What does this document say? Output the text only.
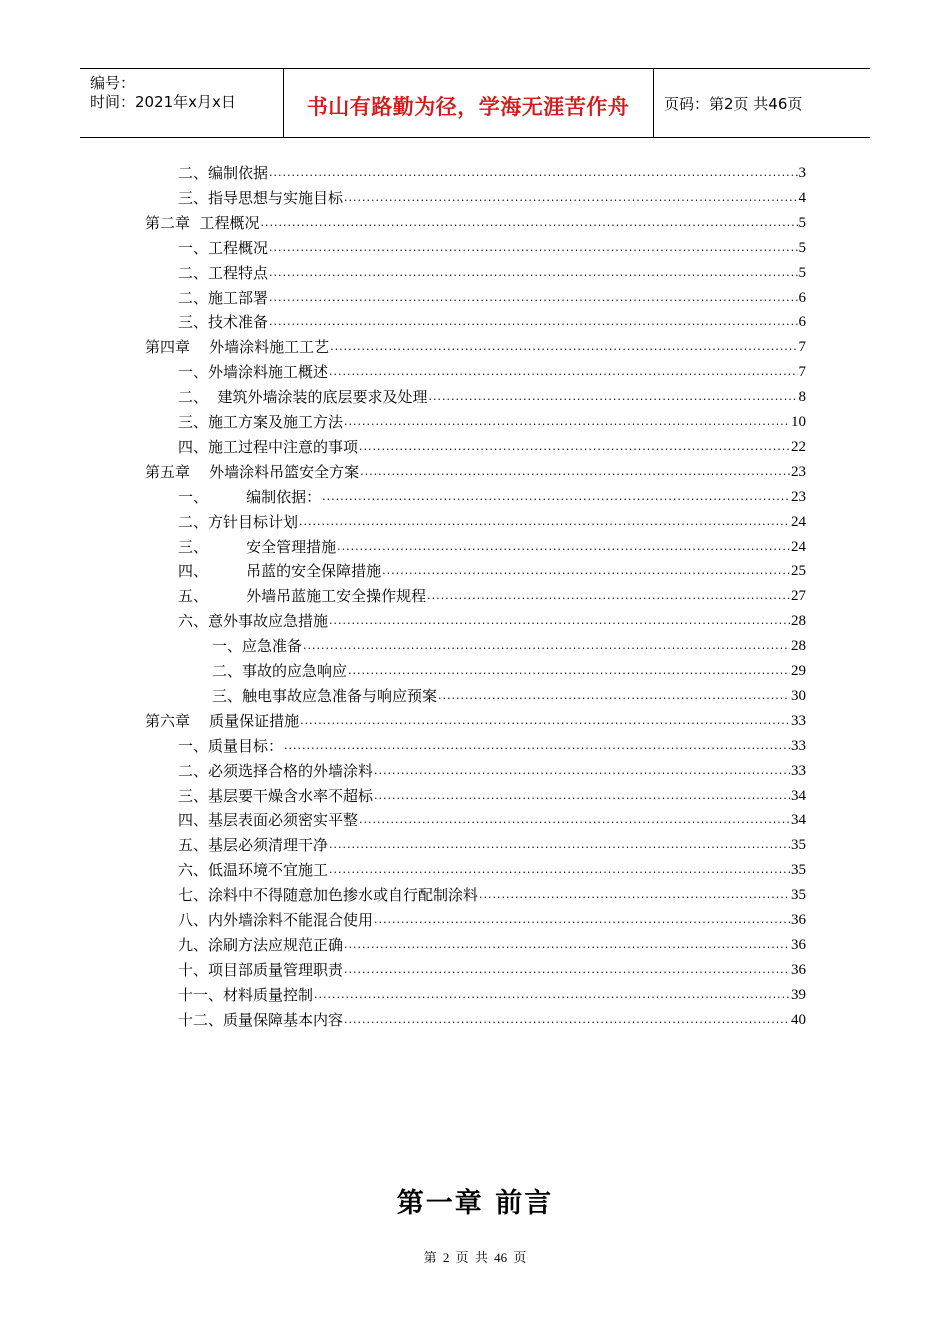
编号：
时间：2021年x月x日	书山有路勤为径，学海无涯苦作舟	页码：第2页 共46页
二、编制依据 .....	3
三、指导思想与实施目标 .....	4
第二章  工程概况 .....	5
一、工程概况 .....	5
二、工程特点 .....	5
二、施工部署 .....	6
三、技术准备 .....	6
第四章    外墙涂料施工工艺 .....	7
一、外墙涂料施工概述 .....	7
二、  建筑外墙涂装的底层要求及处理 .....	8
三、施工方案及施工方法 .....	10
四、施工过程中注意的事项 .....	22
第五章    外墙涂料吊篮安全方案 .....	23
一、        编制依据： .....	23
二、方针目标计划 .....	24
三、        安全管理措施 .....	24
四、        吊蓝的安全保障措施 .....	25
五、        外墙吊蓝施工安全操作规程 .....	27
六、意外事故应急措施 .....	28
一、应急准备 .....	28
二、事故的应急响应 .....	29
三、触电事故应急准备与响应预案 .....	30
第六章    质量保证措施 .....	33
一、质量目标： .....	33
二、必须选择合格的外墙涂料 .....	33
三、基层要干燥含水率不超标 .....	34
四、基层表面必须密实平整 .....	34
五、基层必须清理干净 .....	35
六、低温环境不宜施工 .....	35
七、涂料中不得随意加色掺水或自行配制涂料 .....	35
八、内外墙涂料不能混合使用 .....	36
九、涂刷方法应规范正确 .....	36
十、项目部质量管理职责 .....	36
十一、材料质量控制 .....	39
十二、质量保障基本内容 .....	40
第一章 前言
第 2 页 共 46 页
